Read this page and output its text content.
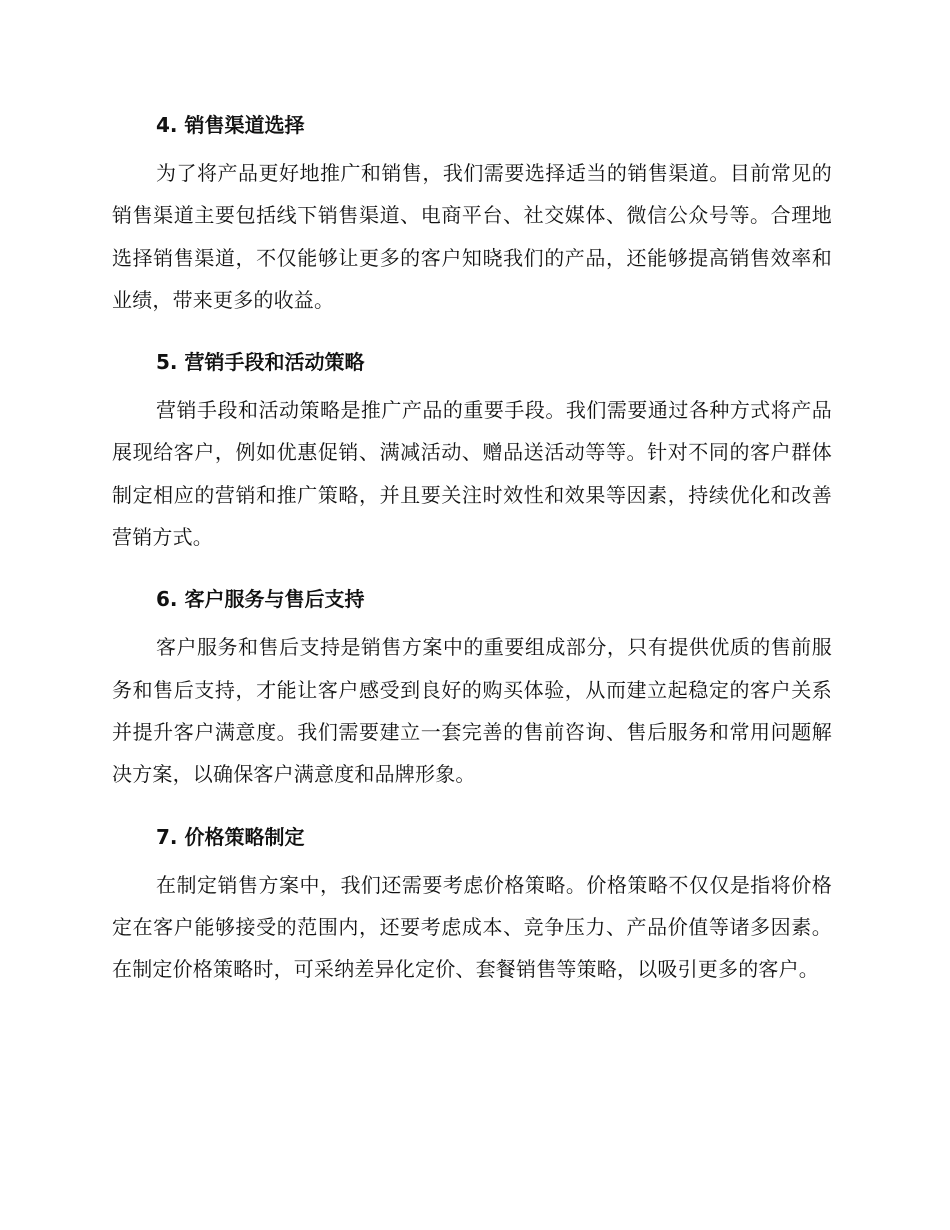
4. 销售渠道选择

为了将产品更好地推广和销售，我们需要选择适当的销售渠道。目前常见的销售渠道主要包括线下销售渠道、电商平台、社交媒体、微信公众号等。合理地选择销售渠道，不仅能够让更多的客户知晓我们的产品，还能够提高销售效率和业绩，带来更多的收益。

5. 营销手段和活动策略

营销手段和活动策略是推广产品的重要手段。我们需要通过各种方式将产品展现给客户，例如优惠促销、满减活动、赠品送活动等等。针对不同的客户群体制定相应的营销和推广策略，并且要关注时效性和效果等因素，持续优化和改善营销方式。

6. 客户服务与售后支持

客户服务和售后支持是销售方案中的重要组成部分，只有提供优质的售前服务和售后支持，才能让客户感受到良好的购买体验，从而建立起稳定的客户关系并提升客户满意度。我们需要建立一套完善的售前咨询、售后服务和常用问题解决方案，以确保客户满意度和品牌形象。

7. 价格策略制定

在制定销售方案中，我们还需要考虑价格策略。价格策略不仅仅是指将价格定在客户能够接受的范围内，还要考虑成本、竞争压力、产品价值等诸多因素。在制定价格策略时，可采纳差异化定价、套餐销售等策略，以吸引更多的客户。
